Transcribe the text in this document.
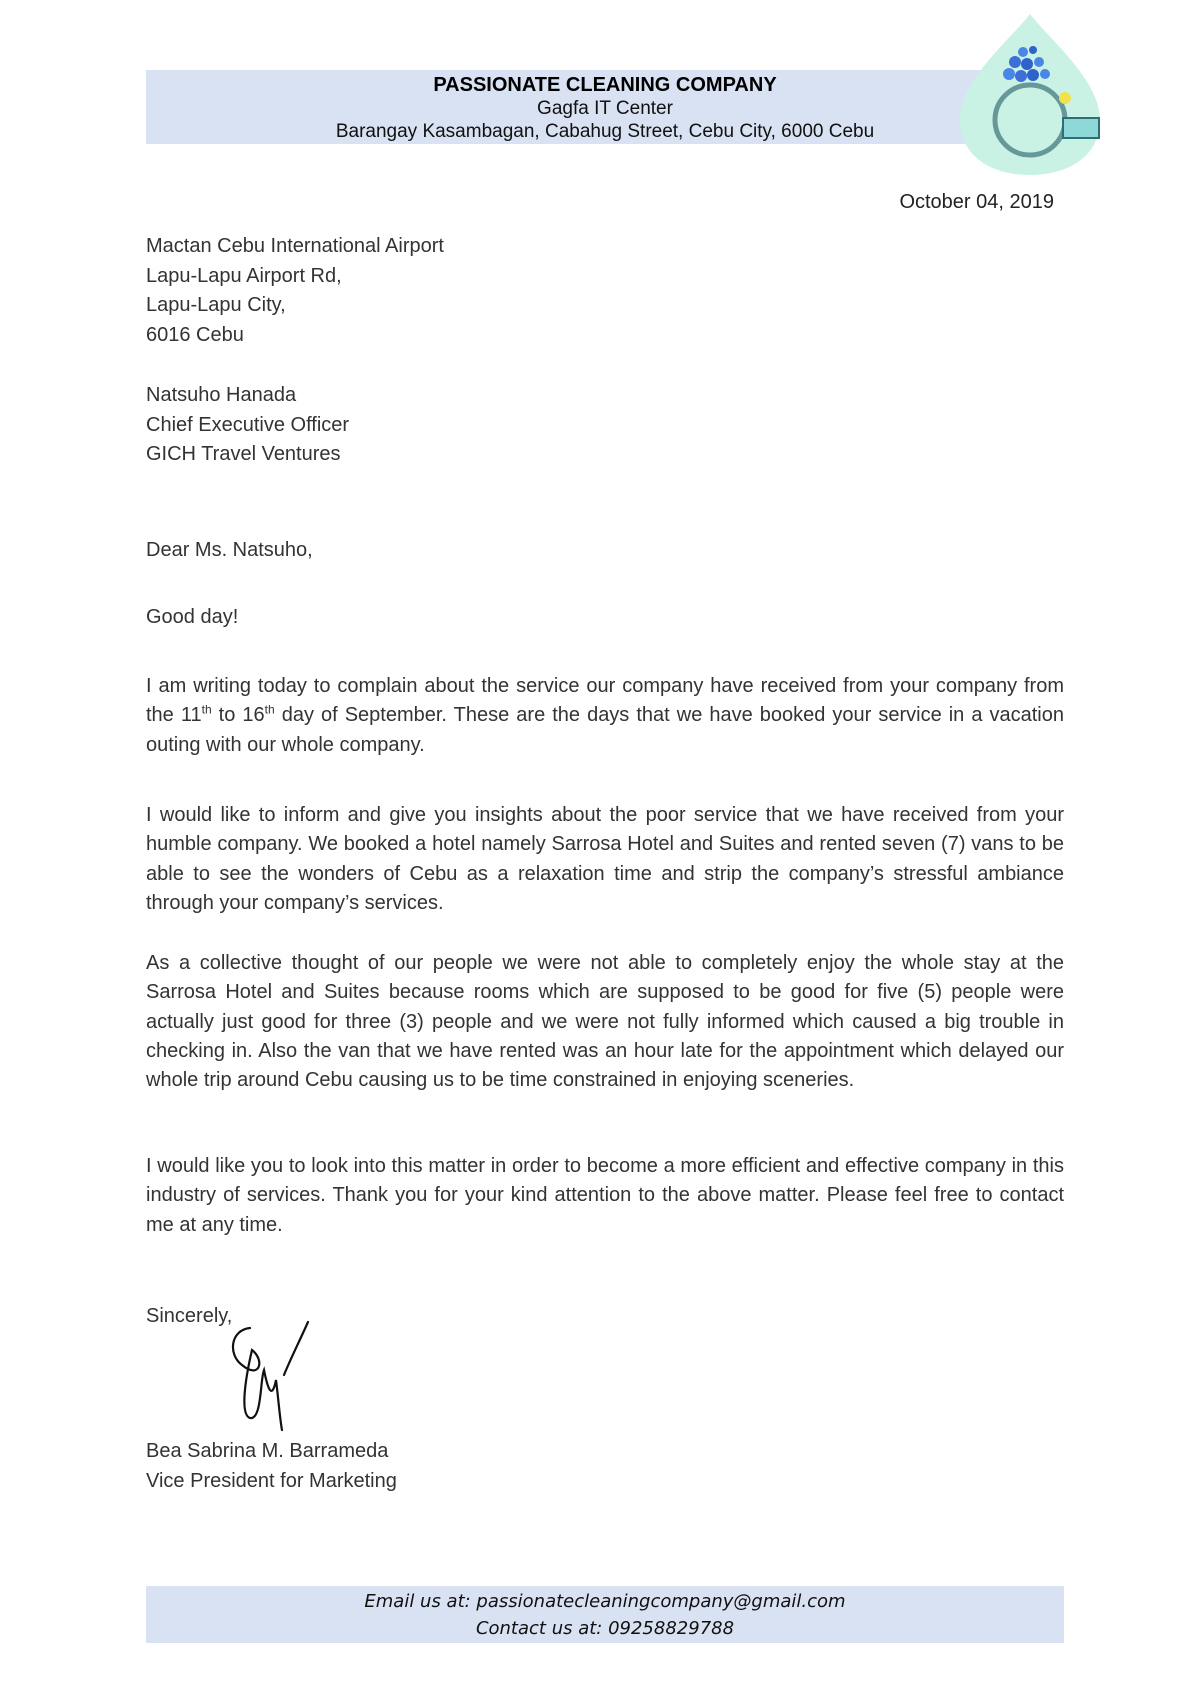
PASSIONATE CLEANING COMPANY
Gagfa IT Center
Barangay Kasambagan, Cabahug Street, Cebu City, 6000 Cebu
October 04, 2019
Mactan Cebu International Airport
Lapu-Lapu Airport Rd,
Lapu-Lapu City,
6016 Cebu
Natsuho Hanada
Chief Executive Officer
GICH Travel Ventures
Dear Ms. Natsuho,
Good day!
I am writing today to complain about the service our company have received from your company from the 11th to 16th day of September. These are the days that we have booked your service in a vacation outing with our whole company.
I would like to inform and give you insights about the poor service that we have received from your humble company. We booked a hotel namely Sarrosa Hotel and Suites and rented seven (7) vans to be able to see the wonders of Cebu as a relaxation time and strip the company’s stressful ambiance through your company’s services.
As a collective thought of our people we were not able to completely enjoy the whole stay at the Sarrosa Hotel and Suites because rooms which are supposed to be good for five (5) people were actually just good for three (3) people and we were not fully informed which caused a big trouble in checking in. Also the van that we have rented was an hour late for the appointment which delayed our whole trip around Cebu causing us to be time constrained in enjoying sceneries.
I would like you to look into this matter in order to become a more efficient and effective company in this industry of services. Thank you for your kind attention to the above matter. Please feel free to contact me at any time.
Sincerely,
Bea Sabrina M. Barrameda
Vice President for Marketing
Email us at: passionatecleaningcompany@gmail.com
Contact us at: 09258829788
